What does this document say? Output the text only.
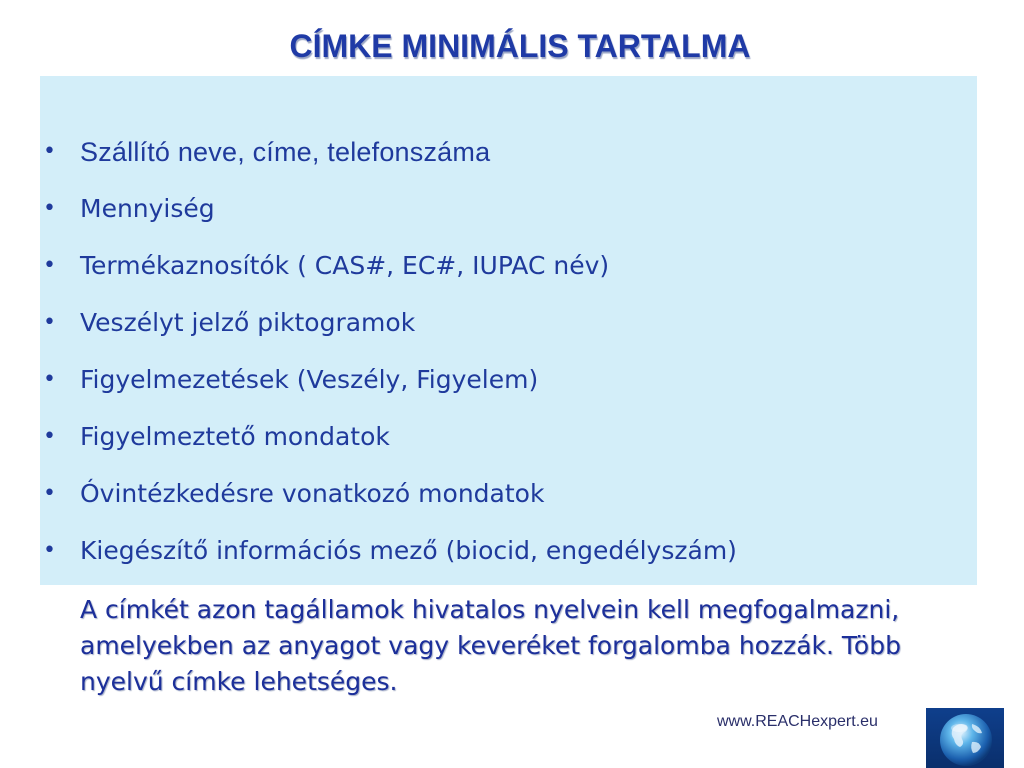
CÍMKE MINIMÁLIS TARTALMA
• Szállító neve, címe, telefonszáma
• Mennyiség
• Termékaznosítók ( CAS#, EC#, IUPAC név)
• Veszélyt jelző piktogramok
• Figyelmezetések (Veszély, Figyelem)
• Figyelmeztető mondatok
• Óvintézkedésre vonatkozó mondatok
• Kiegészítő információs mező (biocid, engedélyszám)
A címkét azon tagállamok hivatalos nyelvein kell megfogalmazni, amelyekben az anyagot vagy keveréket forgalomba hozzák. Több nyelvű címke lehetséges.
www.REACHexpert.eu
